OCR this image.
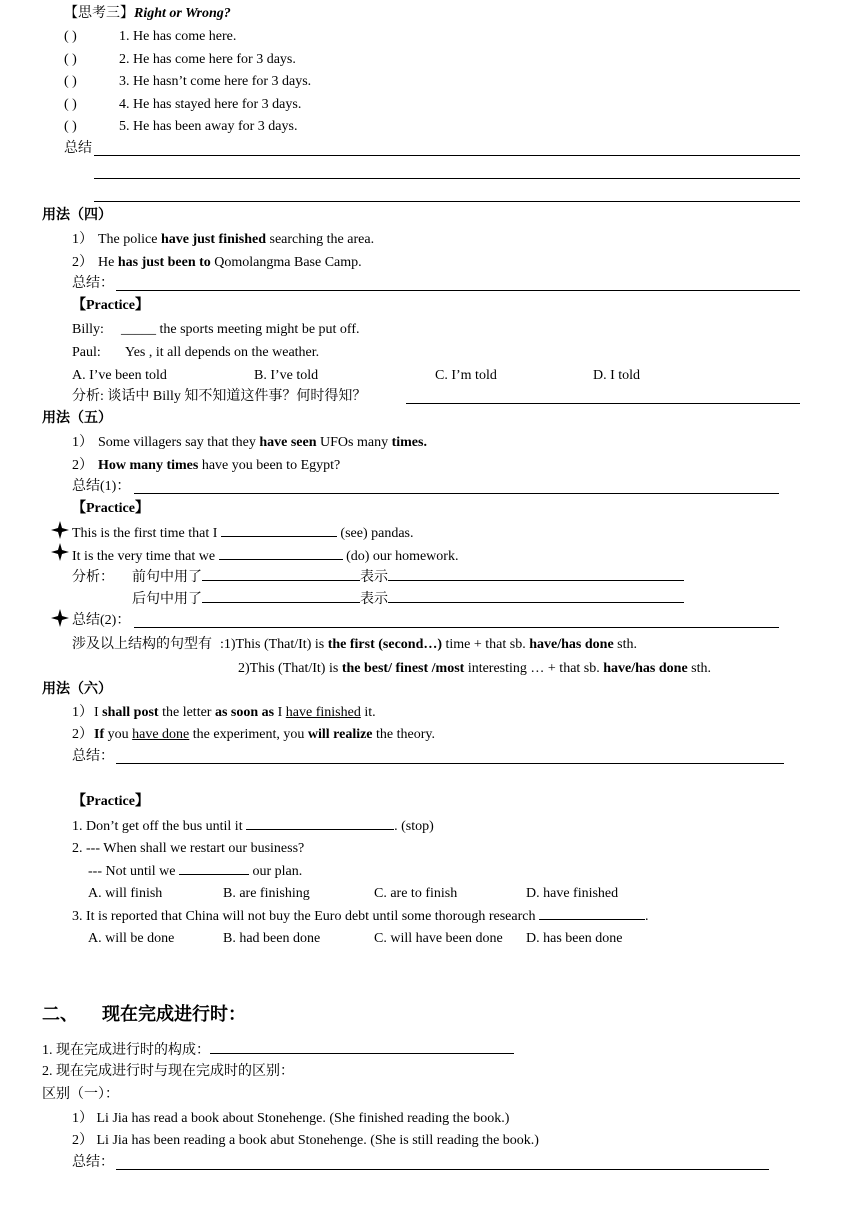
【思考三】Right or Wrong?
( )	1. He has come here.
( )	2. He has come here for 3 days.
( )	3. He hasn’t come here for 3 days.
( )	4. He has stayed here for 3 days.
( )	5. He has been away for 3 days.
总结
用法（四）
1） The police have just finished searching the area.
2） He has just been to Qomolangma Base Camp.
总结：
【Practice】
Billy: _____ the sports meeting might be put off.
Paul: Yes , it all depends on the weather.
A. I’ve been told	B. I’ve told	C. I’m told	D. I told
分析: 谈话中 Billy 知不知道这件事？何时得知？
用法（五）
1） Some villagers say that they have seen UFOs many times.
2） How many times have you been to Egypt?
总结(1)：
【Practice】
This is the first time that I	(see) pandas.
It is the very time that we	(do) our homework.
分析： 前句中用了	表示
后句中用了	表示
总结(2)：
涉及以上结构的句型有 :1)This (That/It) is the first (second…) time + that sb. have/has done sth.
2)This (That/It) is the best/ finest /most interesting … + that sb. have/has done sth.
用法（六）
1）I shall post the letter as soon as I have finished it.
2）If you have done the experiment, you will realize the theory.
总结：
【Practice】
1. Don’t get off the bus until it	. (stop)
2. --- When shall we restart our business?
--- Not until we	our plan.
A. will finish	B. are finishing	C. are to finish	D. have finished
3. It is reported that China will not buy the Euro debt until some thorough research	.
A. will be done	B. had been done	C. will have been done D. has been done
二、 现在完成进行时：
1. 现在完成进行时的构成：
2. 现在完成进行时与现在完成时的区别：
区别（一）：
1） Li Jia has read a book about Stonehenge. (She finished reading the book.)
2） Li Jia has been reading a book abut Stonehenge. (She is still reading the book.)
总结：
